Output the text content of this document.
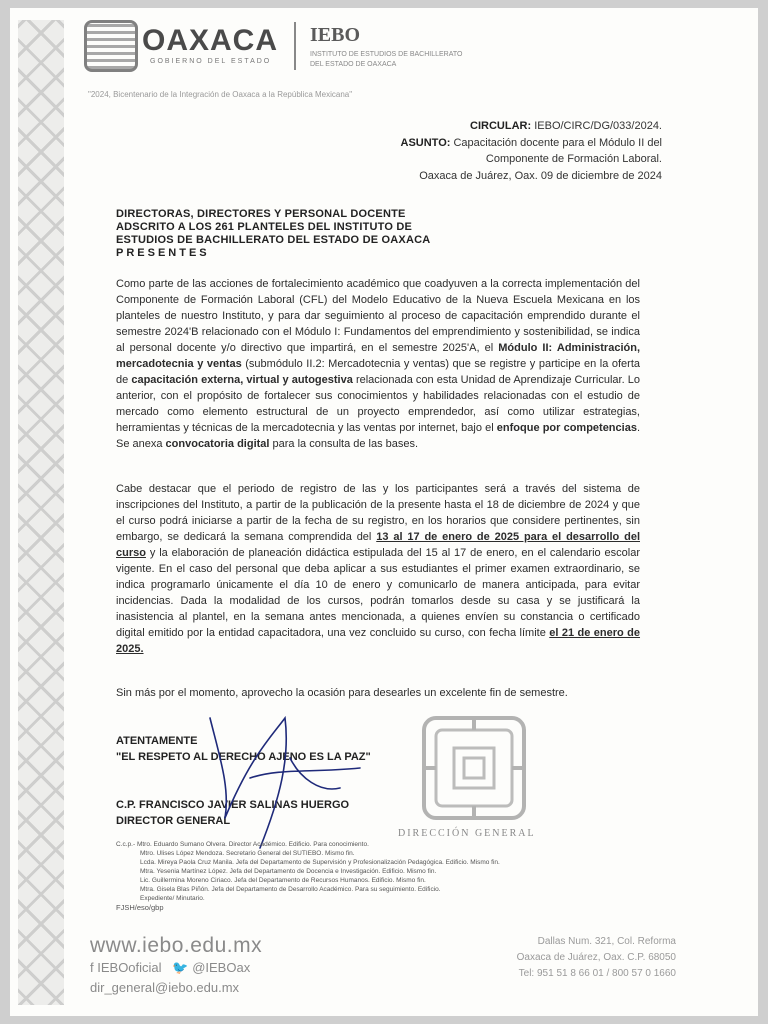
OAXACA
GOBIERNO DEL ESTADO
IEBO
INSTITUTO DE ESTUDIOS DE BACHILLERATO
DEL ESTADO DE OAXACA
"2024, Bicentenario de la Integración de Oaxaca a la República Mexicana"
CIRCULAR: IEBO/CIRC/DG/033/2024.
ASUNTO: Capacitación docente para el Módulo II del
Componente de Formación Laboral.
Oaxaca de Juárez, Oax. 09 de diciembre de 2024
DIRECTORAS, DIRECTORES Y PERSONAL DOCENTE
ADSCRITO A LOS 261 PLANTELES DEL INSTITUTO DE
ESTUDIOS DE BACHILLERATO DEL ESTADO DE OAXACA
PRESENTES
Como parte de las acciones de fortalecimiento académico que coadyuven a la correcta implementación del Componente de Formación Laboral (CFL) del Modelo Educativo de la Nueva Escuela Mexicana en los planteles de nuestro Instituto, y para dar seguimiento al proceso de capacitación emprendido durante el semestre 2024'B relacionado con el Módulo I: Fundamentos del emprendimiento y sostenibilidad, se indica al personal docente y/o directivo que impartirá, en el semestre 2025'A, el Módulo II: Administración, mercadotecnia y ventas (submódulo II.2: Mercadotecnia y ventas) que se registre y participe en la oferta de capacitación externa, virtual y autogestiva relacionada con esta Unidad de Aprendizaje Curricular. Lo anterior, con el propósito de fortalecer sus conocimientos y habilidades relacionadas con el estudio de mercado como elemento estructural de un proyecto emprendedor, así como utilizar estrategias, herramientas y técnicas de la mercadotecnia y las ventas por internet, bajo el enfoque por competencias. Se anexa convocatoria digital para la consulta de las bases.
Cabe destacar que el periodo de registro de las y los participantes será a través del sistema de inscripciones del Instituto, a partir de la publicación de la presente hasta el 18 de diciembre de 2024 y que el curso podrá iniciarse a partir de la fecha de su registro, en los horarios que considere pertinentes, sin embargo, se dedicará la semana comprendida del 13 al 17 de enero de 2025 para el desarrollo del curso y la elaboración de planeación didáctica estipulada del 15 al 17 de enero, en el calendario escolar vigente. En el caso del personal que deba aplicar a sus estudiantes el primer examen extraordinario, se indica programarlo únicamente el día 10 de enero y comunicarlo de manera anticipada, para evitar incidencias. Dada la modalidad de los cursos, podrán tomarlos desde su casa y se justificará la inasistencia al plantel, en la semana antes mencionada, a quienes envíen su constancia o certificado digital emitido por la entidad capacitadora, una vez concluido su curso, con fecha límite el 21 de enero de 2025.
Sin más por el momento, aprovecho la ocasión para desearles un excelente fin de semestre.
DIRECCIÓN GENERAL
ATENTAMENTE
"EL RESPETO AL DERECHO AJENO ES LA PAZ"
C.P. FRANCISCO JAVIER SALINAS HUERGO
DIRECTOR GENERAL
C.c.p.- Mtro. Eduardo Sumano Olvera. Director Académico. Edificio. Para conocimiento.
Mtro. Ulises López Mendoza. Secretario General del SUTIEBO. Mismo fin.
Lcda. Mireya Paola Cruz Manila. Jefa del Departamento de Supervisión y Profesionalización Pedagógica. Edificio. Mismo fin.
Mtra. Yesenia Martínez López. Jefa del Departamento de Docencia e Investigación. Edificio. Mismo fin.
Lic. Guillermina Moreno Ciriaco. Jefa del Departamento de Recursos Humanos. Edificio. Mismo fin.
Mtra. Gisela Blas Piñón. Jefa del Departamento de Desarrollo Académico. Para su seguimiento. Edificio.
Expediente/ Minutario.
FJSH/eso/gbp
www.iebo.edu.mx
f IEBOoficial   🐦 @IEBOax
dir_general@iebo.edu.mx
Dallas Num. 321, Col. Reforma
Oaxaca de Juárez, Oax. C.P. 68050
Tel: 951 51 8 66 01 / 800 57 0 1660
